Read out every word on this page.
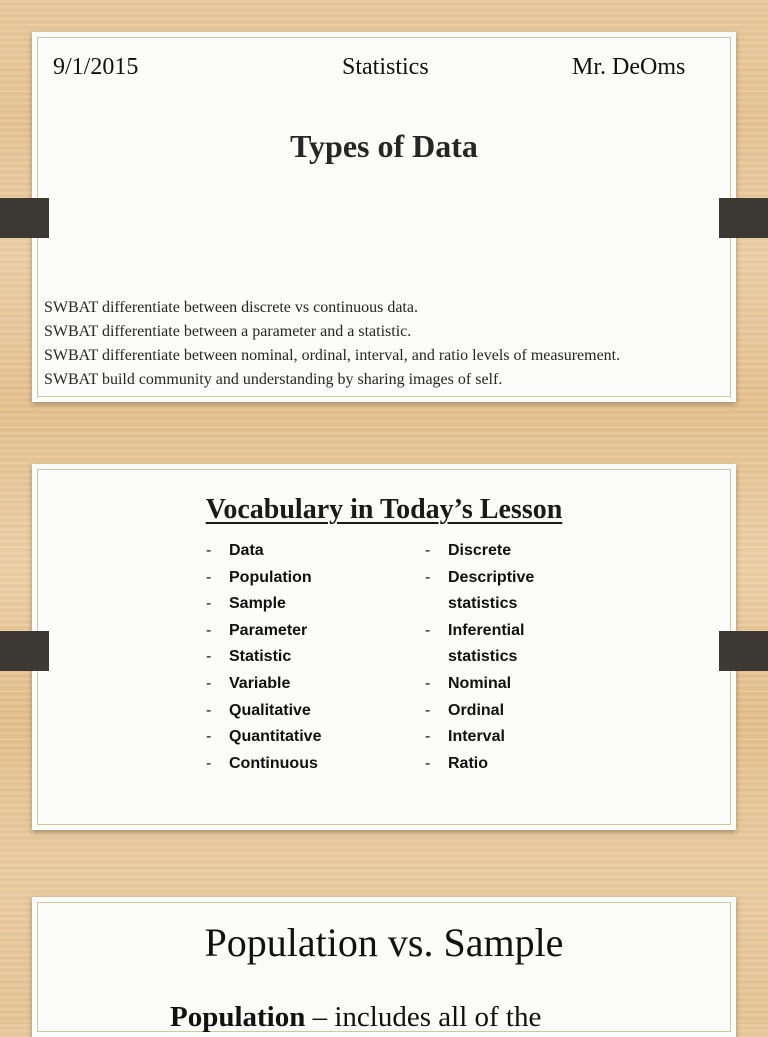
9/1/2015	Statistics	Mr. DeOms
Types of Data
SWBAT differentiate between discrete vs continuous data.
SWBAT differentiate between a parameter and a statistic.
SWBAT differentiate between nominal, ordinal, interval, and ratio levels of measurement.
SWBAT build community and understanding by sharing images of self.
Vocabulary in Today’s Lesson
- Data
- Population
- Sample
- Parameter
- Statistic
- Variable
- Qualitative
- Quantitative
- Continuous
- Discrete
- Descriptive
statistics
- Inferential
statistics
- Nominal
- Ordinal
- Interval
- Ratio
Population vs. Sample
Population – includes all of the
